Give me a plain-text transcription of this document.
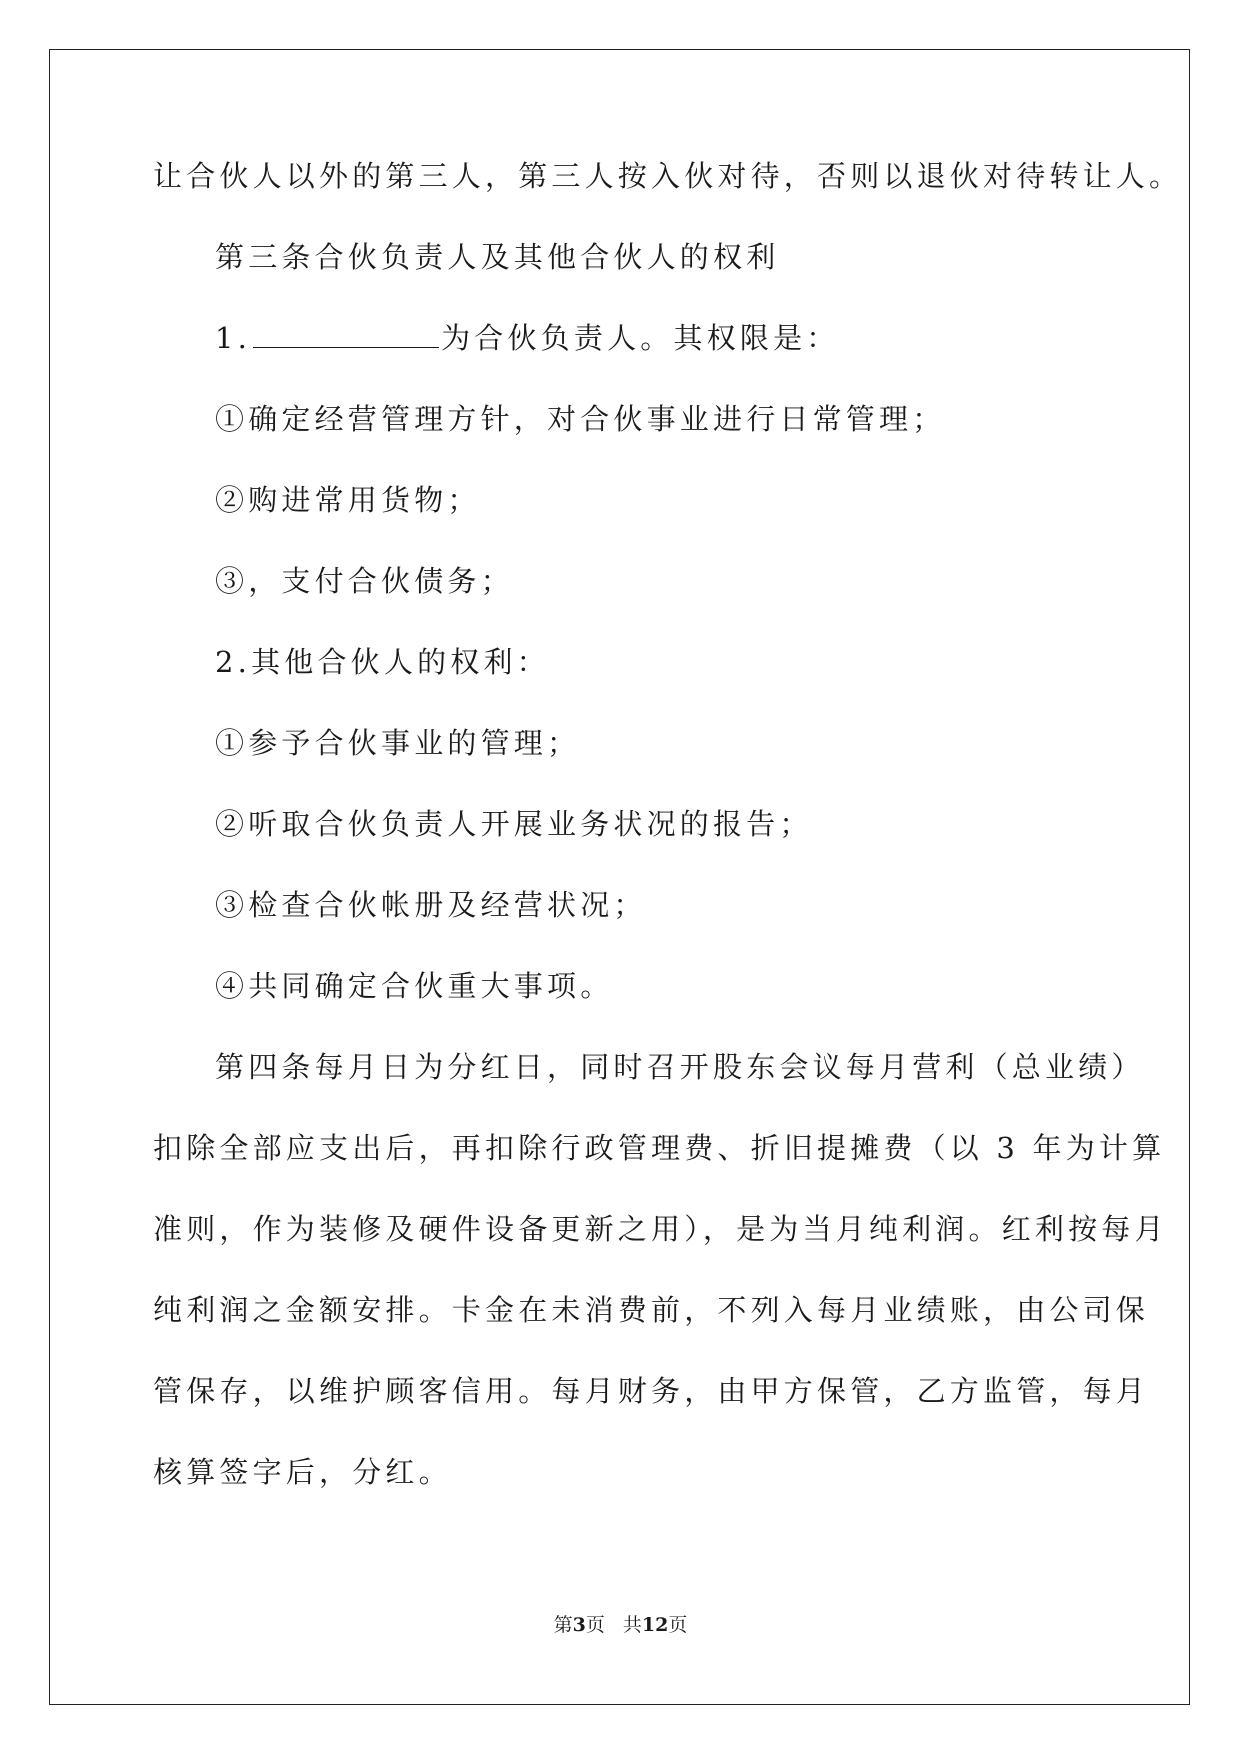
让合伙人以外的第三人，第三人按入伙对待，否则以退伙对待转让人。

第三条合伙负责人及其他合伙人的权利

1.	为合伙负责人。其权限是：

①确定经营管理方针，对合伙事业进行日常管理；

②购进常用货物；

③，支付合伙债务；

2.其他合伙人的权利：

①参予合伙事业的管理；

②听取合伙负责人开展业务状况的报告；

③检查合伙帐册及经营状况；

④共同确定合伙重大事项。

第四条每月日为分红日，同时召开股东会议每月营利（总业绩）

扣除全部应支出后，再扣除行政管理费、折旧提摊费（以 3 年为计算

准则，作为装修及硬件设备更新之用），是为当月纯利润。红利按每月

纯利润之金额安排。卡金在未消费前，不列入每月业绩账，由公司保

管保存，以维护顾客信用。每月财务，由甲方保管，乙方监管，每月

核算签字后，分红。

第3页 共12页
